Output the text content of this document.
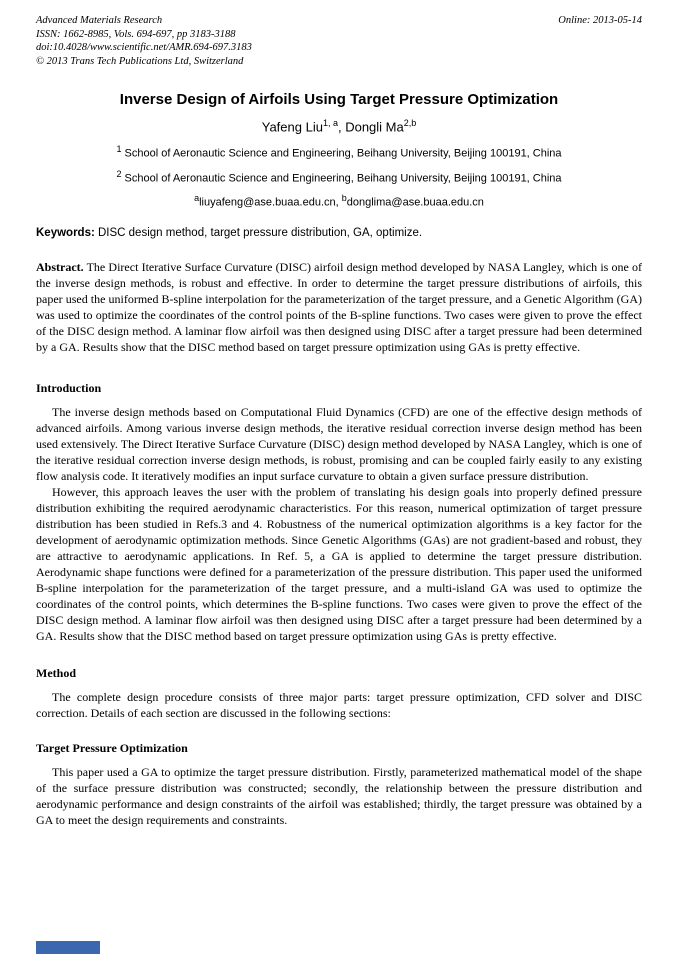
Advanced Materials Research
ISSN: 1662-8985, Vols. 694-697, pp 3183-3188
doi:10.4028/www.scientific.net/AMR.694-697.3183
© 2013 Trans Tech Publications Ltd, Switzerland
Online: 2013-05-14
Inverse Design of Airfoils Using Target Pressure Optimization
Yafeng Liu$^{1, a}$, Dongli Ma$^{2,b}$
$^1$ School of Aeronautic Science and Engineering, Beihang University, Beijing 100191, China
$^2$ School of Aeronautic Science and Engineering, Beihang University, Beijing 100191, China
$^a$liuyafeng@ase.buaa.edu.cn, $^b$donglima@ase.buaa.edu.cn

Keywords: DISC design method, target pressure distribution, GA, optimize.

Abstract. The Direct Iterative Surface Curvature (DISC) airfoil design method developed by NASA Langley, which is one of the inverse design methods, is robust and effective. In order to determine the target pressure distributions of airfoils, this paper used the uniformed B-spline interpolation for the parameterization of the target pressure, and a Genetic Algorithm (GA) was used to optimize the coordinates of the control points of the B-spline functions. Two cases were given to prove the effect of the DISC design method. A laminar flow airfoil was then designed using DISC after a target pressure had been determined by a GA. Results show that the DISC method based on target pressure optimization using GAs is pretty effective.

Introduction

The inverse design methods based on Computational Fluid Dynamics (CFD) are one of the effective design methods of advanced airfoils. Among various inverse design methods, the iterative residual correction inverse design method has been used extensively. The Direct Iterative Surface Curvature (DISC) design method developed by NASA Langley, which is one of the iterative residual correction inverse design methods, is robust, promising and can be coupled fairly easily to any existing flow analysis code. It iteratively modifies an input surface curvature to obtain a given surface pressure distribution.

However, this approach leaves the user with the problem of translating his design goals into properly defined pressure distribution exhibiting the required aerodynamic characteristics. For this reason, numerical optimization of target pressure distribution has been studied in Refs.3 and 4. Robustness of the numerical optimization algorithms is a key factor for the development of aerodynamic optimization methods. Since Genetic Algorithms (GAs) are not gradient-based and robust, they are attractive to aerodynamic applications. In Ref. 5, a GA is applied to determine the target pressure distribution. Aerodynamic shape functions were defined for a parameterization of the pressure distribution. This paper used the uniformed B-spline interpolation for the parameterization of the target pressure, and a multi-island GA was used to optimize the coordinates of the control points, which determines the B-spline functions. Two cases were given to prove the effect of the DISC design method. A laminar flow airfoil was then designed using DISC after a target pressure had been determined by a GA. Results show that the DISC method based on target pressure optimization using GAs is pretty effective.

Method

The complete design procedure consists of three major parts: target pressure optimization, CFD solver and DISC correction. Details of each section are discussed in the following sections:

Target Pressure Optimization

This paper used a GA to optimize the target pressure distribution. Firstly, parameterized mathematical model of the shape of the surface pressure distribution was constructed; secondly, the relationship between the pressure distribution and aerodynamic performance and design constraints of the airfoil was established; thirdly, the target pressure was obtained by a GA to meet the design requirements and constraints.
